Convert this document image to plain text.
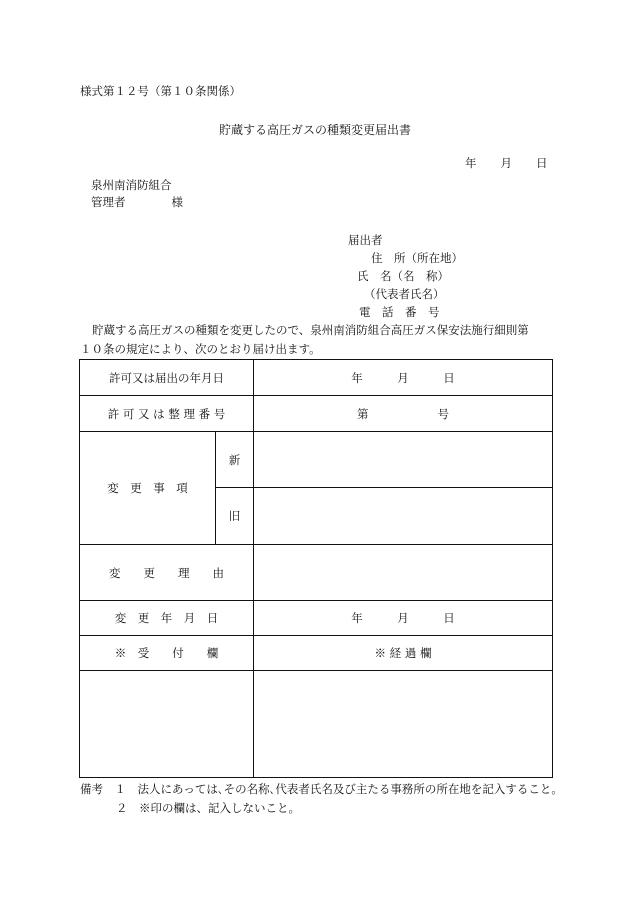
様式第１２号（第１０条関係）
貯蔵する高圧ガスの種類変更届出書
年 月 日
泉州南消防組合
管理者　　　　様
届出者
住　所（所在地）
氏　名（名　称）
（代表者氏名）
電　話　番　号
貯蔵する高圧ガスの種類を変更したので、泉州南消防組合高圧ガス保安法施行細則第
１０条の規定により、次のとおり届け出ます。
許可又は届出の年月日		年　　　月　　　日
許 可 又 は 整 理 番 号		第　　　　　　号
変　更　事　項	新	
	旧	
変　　更　　理　　由		
変　更　年　月　日		年　　　月　　　日
※　受　　付　　欄		※ 経 過 欄

備考　１　法人にあっては､その名称､代表者氏名及び主たる事務所の所在地を記入すること。
２　※印の欄は、記入しないこと。
